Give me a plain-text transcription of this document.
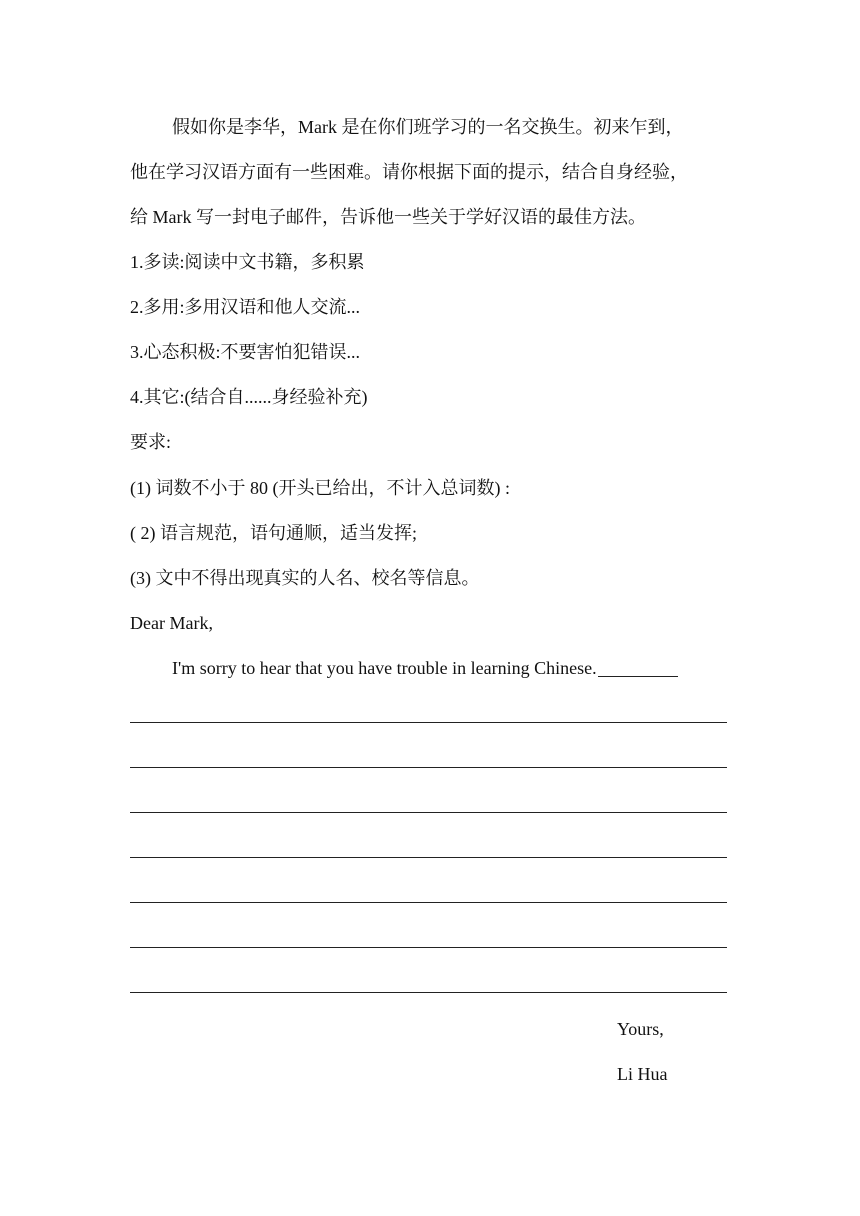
假如你是李华，Mark 是在你们班学习的一名交换生。初来乍到，
他在学习汉语方面有一些困难。请你根据下面的提示，结合自身经验，
给 Mark 写一封电子邮件，告诉他一些关于学好汉语的最佳方法。
1.多读:阅读中文书籍，多积累
2.多用:多用汉语和他人交流...
3.心态积极:不要害怕犯错误...
4.其它:(结合自......身经验补充)
要求:
(1) 词数不小于 80 (开头已给出，不计入总词数) :
( 2) 语言规范，语句通顺，适当发挥;
(3) 文中不得出现真实的人名、校名等信息。
Dear Mark,
I'm sorry to hear that you have trouble in learning Chinese.
Yours,
Li Hua
